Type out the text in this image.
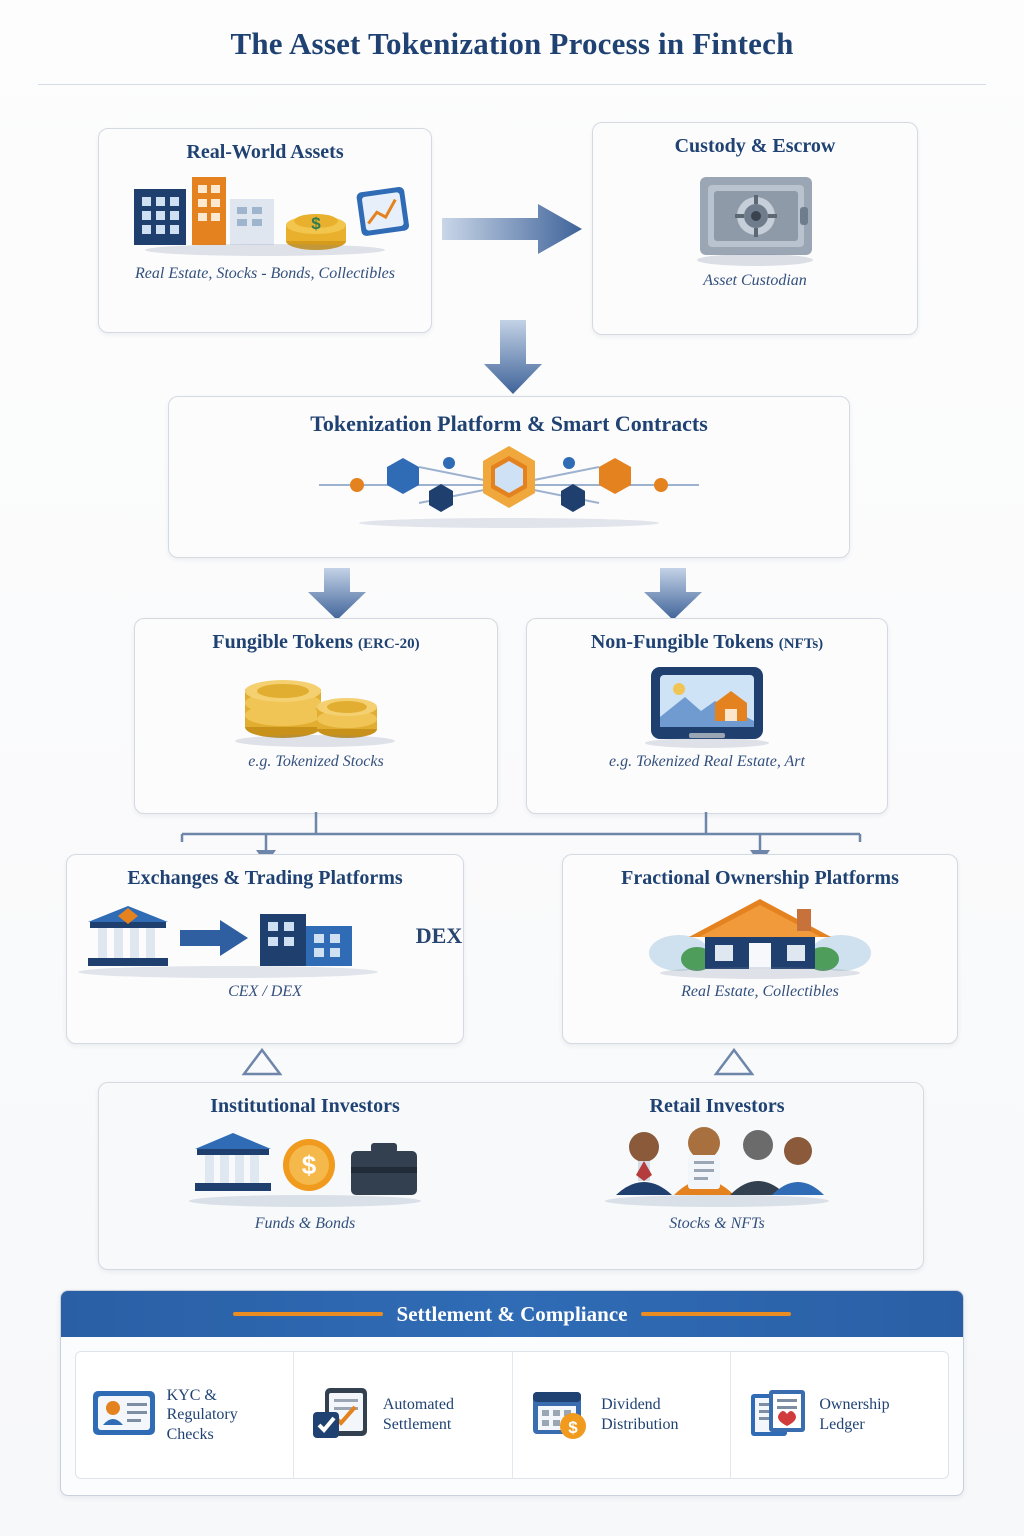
The Asset Tokenization Process in Fintech
Real-World Assets
$
Real Estate, Stocks - Bonds, Collectibles
Custody & Escrow
Asset Custodian
Tokenization Platform & Smart Contracts
Fungible Tokens (ERC-20)
e.g. Tokenized Stocks
Non-Fungible Tokens (NFTs)
e.g. Tokenized Real Estate, Art
Exchanges & Trading Platforms
DEX
CEX / DEX
Fractional Ownership Platforms
Real Estate, Collectibles
Institutional Investors
$
Funds & Bonds
Retail Investors
Stocks & NFTs
Settlement & Compliance
KYC & Regulatory Checks
Automated Settlement	$
Dividend Distribution
Ownership Ledger
